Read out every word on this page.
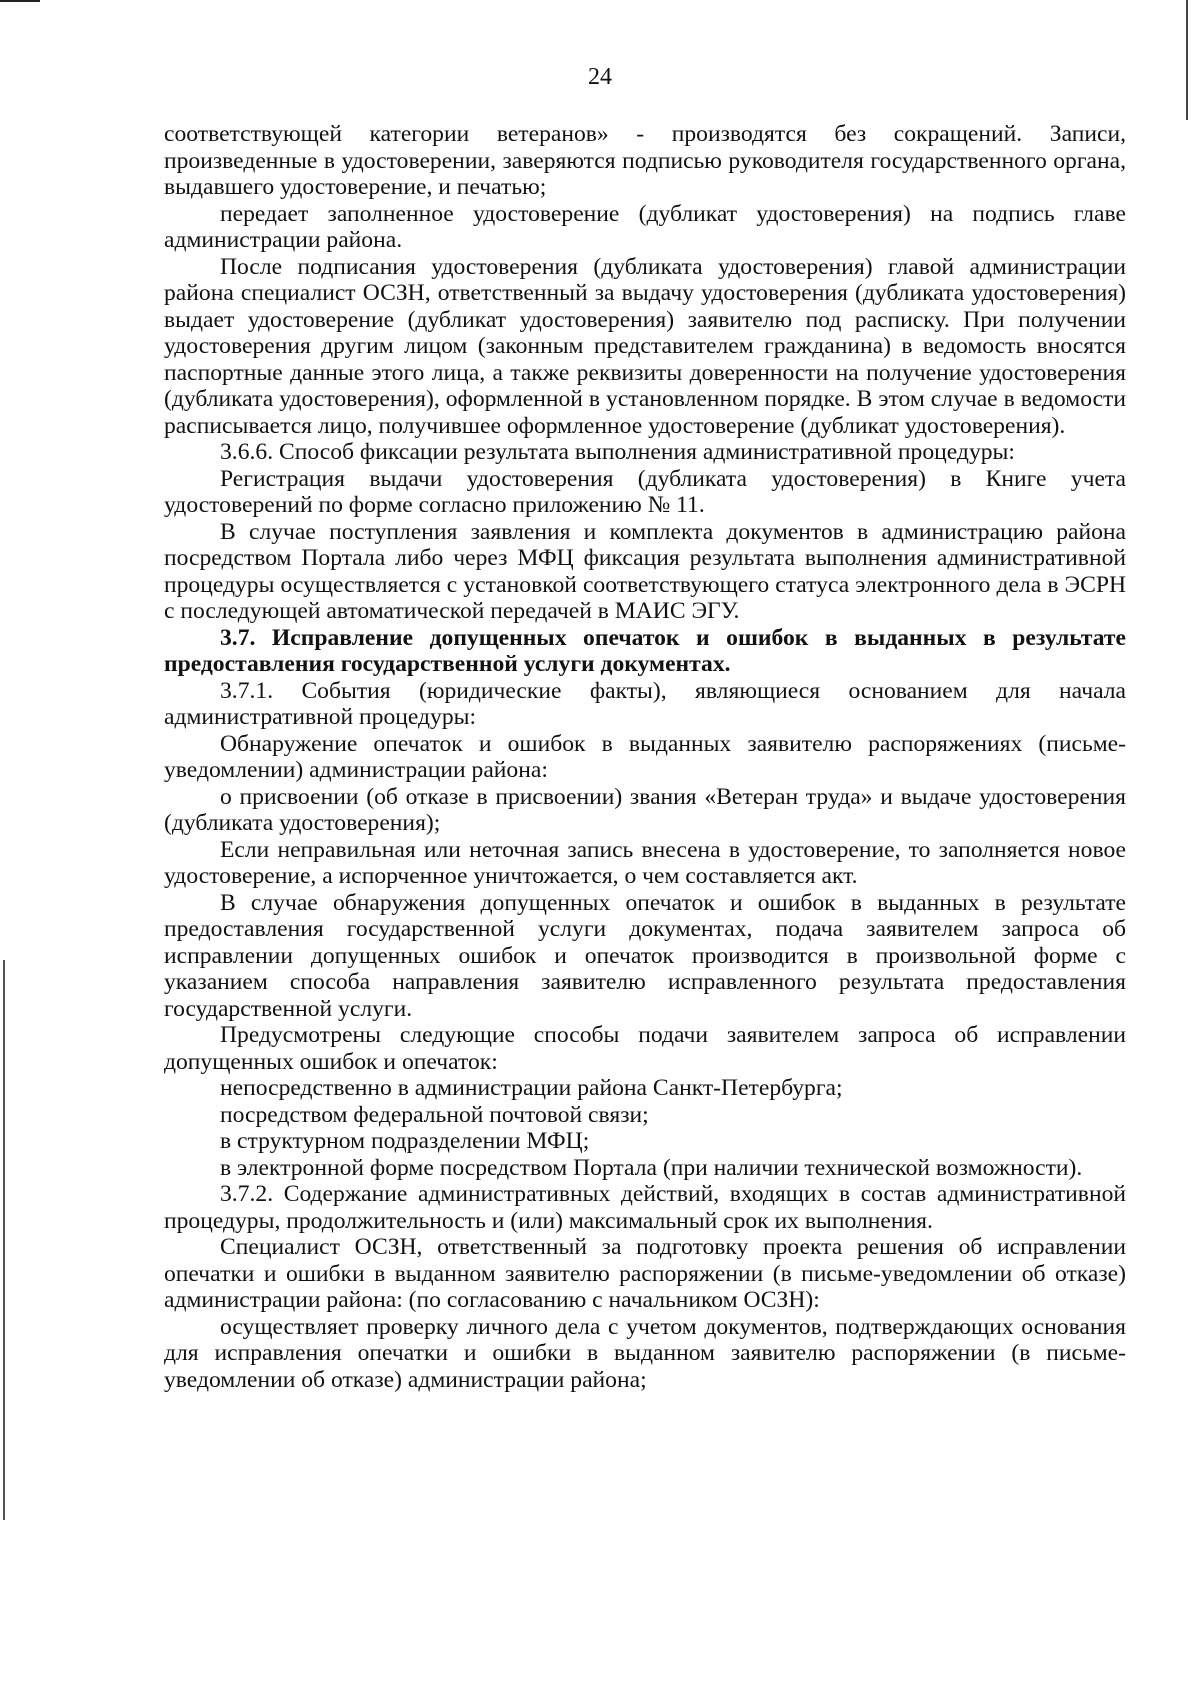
24

соответствующей категории ветеранов» - производятся без сокращений. Записи, произведенные в удостоверении, заверяются подписью руководителя государственного органа, выдавшего удостоверение, и печатью;

передает заполненное удостоверение (дубликат удостоверения) на подпись главе администрации района.

После подписания удостоверения (дубликата удостоверения) главой администрации района специалист ОСЗН, ответственный за выдачу удостоверения (дубликата удостоверения) выдает удостоверение (дубликат удостоверения) заявителю под расписку. При получении удостоверения другим лицом (законным представителем гражданина) в ведомость вносятся паспортные данные этого лица, а также реквизиты доверенности на получение удостоверения (дубликата удостоверения), оформленной в установленном порядке. В этом случае в ведомости расписывается лицо, получившее оформленное удостоверение (дубликат удостоверения).

3.6.6. Способ фиксации результата выполнения административной процедуры:

Регистрация выдачи удостоверения (дубликата удостоверения) в Книге учета удостоверений по форме согласно приложению № 11.

В случае поступления заявления и комплекта документов в администрацию района посредством Портала либо через МФЦ фиксация результата выполнения административной процедуры осуществляется с установкой соответствующего статуса электронного дела в ЭСРН с последующей автоматической передачей в МАИС ЭГУ.

3.7. Исправление допущенных опечаток и ошибок в выданных в результате предоставления государственной услуги документах.

3.7.1. События (юридические факты), являющиеся основанием для начала административной процедуры:

Обнаружение опечаток и ошибок в выданных заявителю распоряжениях (письме-уведомлении) администрации района:

о присвоении (об отказе в присвоении) звания «Ветеран труда» и выдаче удостоверения (дубликата удостоверения);

Если неправильная или неточная запись внесена в удостоверение, то заполняется новое удостоверение, а испорченное уничтожается, о чем составляется акт.

В случае обнаружения допущенных опечаток и ошибок в выданных в результате предоставления государственной услуги документах, подача заявителем запроса об исправлении допущенных ошибок и опечаток производится в произвольной форме с указанием способа направления заявителю исправленного результата предоставления государственной услуги.

Предусмотрены следующие способы подачи заявителем запроса об исправлении допущенных ошибок и опечаток:

непосредственно в администрации района Санкт-Петербурга;

посредством федеральной почтовой связи;

в структурном подразделении МФЦ;

в электронной форме посредством Портала (при наличии технической возможности).

3.7.2. Содержание административных действий, входящих в состав административной процедуры, продолжительность и (или) максимальный срок их выполнения.

Специалист ОСЗН, ответственный за подготовку проекта решения об исправлении опечатки и ошибки в выданном заявителю распоряжении (в письме-уведомлении об отказе) администрации района: (по согласованию с начальником ОСЗН):

осуществляет проверку личного дела с учетом документов, подтверждающих основания для исправления опечатки и ошибки в выданном заявителю распоряжении (в письме-уведомлении об отказе) администрации района;
